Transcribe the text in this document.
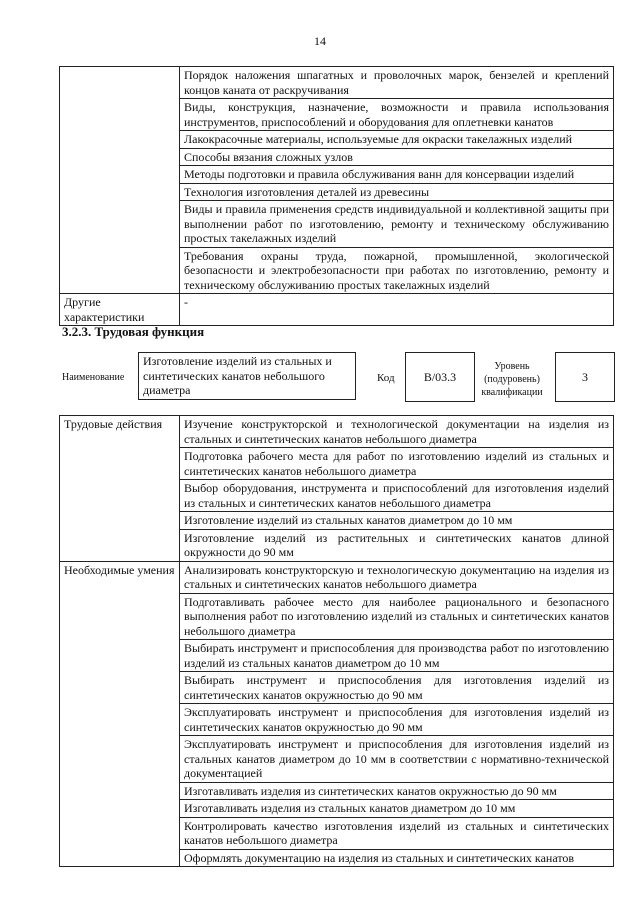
14
	Порядок наложения шпагатных и проволочных марок, бензелей и креплений концов каната от раскручивания
	Виды, конструкция, назначение, возможности и правила использования инструментов, приспособлений и оборудования для оплетневки канатов
	Лакокрасочные материалы, используемые для окраски такелажных изделий
	Способы вязания сложных узлов
	Методы подготовки и правила обслуживания ванн для консервации изделий
	Технология изготовления деталей из древесины
	Виды и правила применения средств индивидуальной и коллективной защиты при выполнении работ по изготовлению, ремонту и техническому обслуживанию простых такелажных изделий
	Требования охраны труда, пожарной, промышленной, экологической безопасности и электробезопасности при работах по изготовлению, ремонту и техническому обслуживанию простых такелажных изделий
Другие характеристики	-
3.2.3. Трудовая функция
Наименование
Изготовление изделий из стальных и синтетических канатов небольшого диаметра
Код	В/03.3
Уровень (подуровень) квалификации
3
Трудовые действия	Изучение конструкторской и технологической документации на изделия из стальных и синтетических канатов небольшого диаметра
	Подготовка рабочего места для работ по изготовлению изделий из стальных и синтетических канатов небольшого диаметра
	Выбор оборудования, инструмента и приспособлений для изготовления изделий из стальных и синтетических канатов небольшого диаметра
	Изготовление изделий из стальных канатов диаметром до 10 мм
	Изготовление изделий из растительных и синтетических канатов длиной окружности до 90 мм
Необходимые умения	Анализировать конструкторскую и технологическую документацию на изделия из стальных и синтетических канатов небольшого диаметра
	Подготавливать рабочее место для наиболее рационального и безопасного выполнения работ по изготовлению изделий из стальных и синтетических канатов небольшого диаметра
	Выбирать инструмент и приспособления для производства работ по изготовлению изделий из стальных канатов диаметром до 10 мм
	Выбирать инструмент и приспособления для изготовления изделий из синтетических канатов окружностью до 90 мм
	Эксплуатировать инструмент и приспособления для изготовления изделий из синтетических канатов окружностью до 90 мм
	Эксплуатировать инструмент и приспособления для изготовления изделий из стальных канатов диаметром до 10 мм в соответствии с нормативно-технической документацией
	Изготавливать изделия из синтетических канатов окружностью до 90 мм
	Изготавливать изделия из стальных канатов диаметром до 10 мм
	Контролировать качество изготовления изделий из стальных и синтетических канатов небольшого диаметра
	Оформлять документацию на изделия из стальных и синтетических канатов
